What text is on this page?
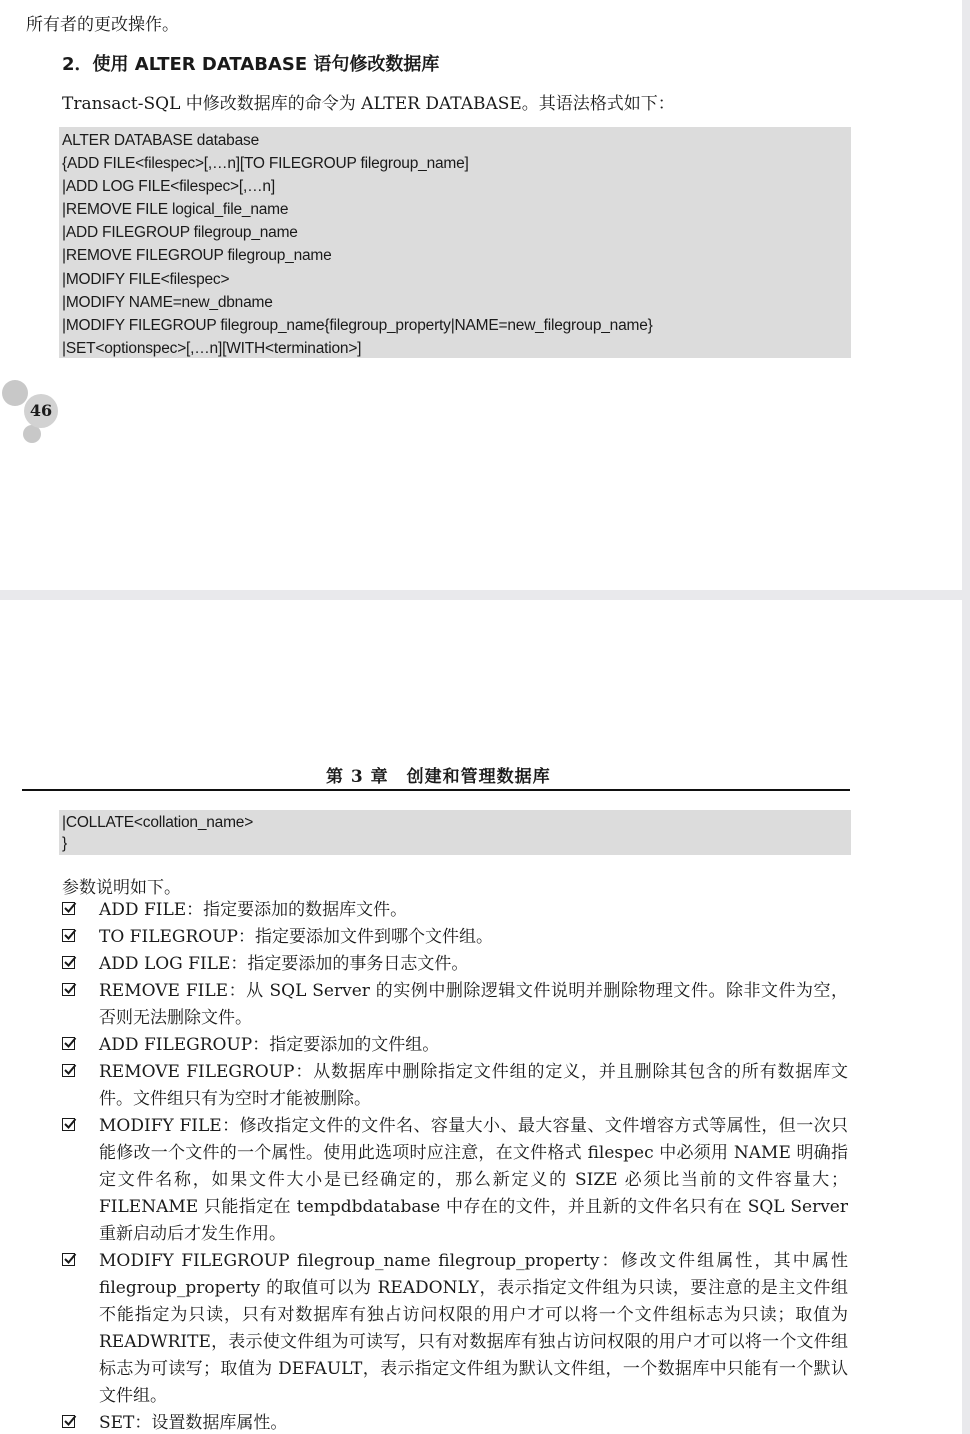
所有者的更改操作。
2．使用 ALTER DATABASE 语句修改数据库
Transact-SQL 中修改数据库的命令为 ALTER DATABASE。其语法格式如下：
ALTER DATABASE database
{ADD FILE<filespec>[,…n][TO FILEGROUP filegroup_name]
|ADD LOG FILE<filespec>[,…n]
|REMOVE FILE logical_file_name
|ADD FILEGROUP filegroup_name
|REMOVE FILEGROUP filegroup_name
|MODIFY FILE<filespec>
|MODIFY NAME=new_dbname
|MODIFY FILEGROUP filegroup_name{filegroup_property|NAME=new_filegroup_name}
|SET<optionspec>[,…n][WITH<termination>]
46
第 3 章　创建和管理数据库
|COLLATE<collation_name>
}
参数说明如下。
ADD FILE：指定要添加的数据库文件。
TO FILEGROUP：指定要添加文件到哪个文件组。
ADD LOG FILE：指定要添加的事务日志文件。
REMOVE FILE：从 SQL Server 的实例中删除逻辑文件说明并删除物理文件。除非文件为空，否则无法删除文件。
ADD FILEGROUP：指定要添加的文件组。
REMOVE FILEGROUP：从数据库中删除指定文件组的定义，并且删除其包含的所有数据库文件。文件组只有为空时才能被删除。
MODIFY FILE：修改指定文件的文件名、容量大小、最大容量、文件增容方式等属性，但一次只能修改一个文件的一个属性。使用此选项时应注意，在文件格式 filespec 中必须用 NAME 明确指定文件名称，如果文件大小是已经确定的，那么新定义的 SIZE 必须比当前的文件容量大；FILENAME 只能指定在 tempdbdatabase 中存在的文件，并且新的文件名只有在 SQL Server 重新启动后才发生作用。
MODIFY FILEGROUP filegroup_name filegroup_property：修改文件组属性，其中属性 filegroup_property 的取值可以为 READONLY，表示指定文件组为只读，要注意的是主文件组不能指定为只读，只有对数据库有独占访问权限的用户才可以将一个文件组标志为只读；取值为 READWRITE，表示使文件组为可读写，只有对数据库有独占访问权限的用户才可以将一个文件组标志为可读写；取值为 DEFAULT，表示指定文件组为默认文件组，一个数据库中只能有一个默认文件组。
SET：设置数据库属性。
